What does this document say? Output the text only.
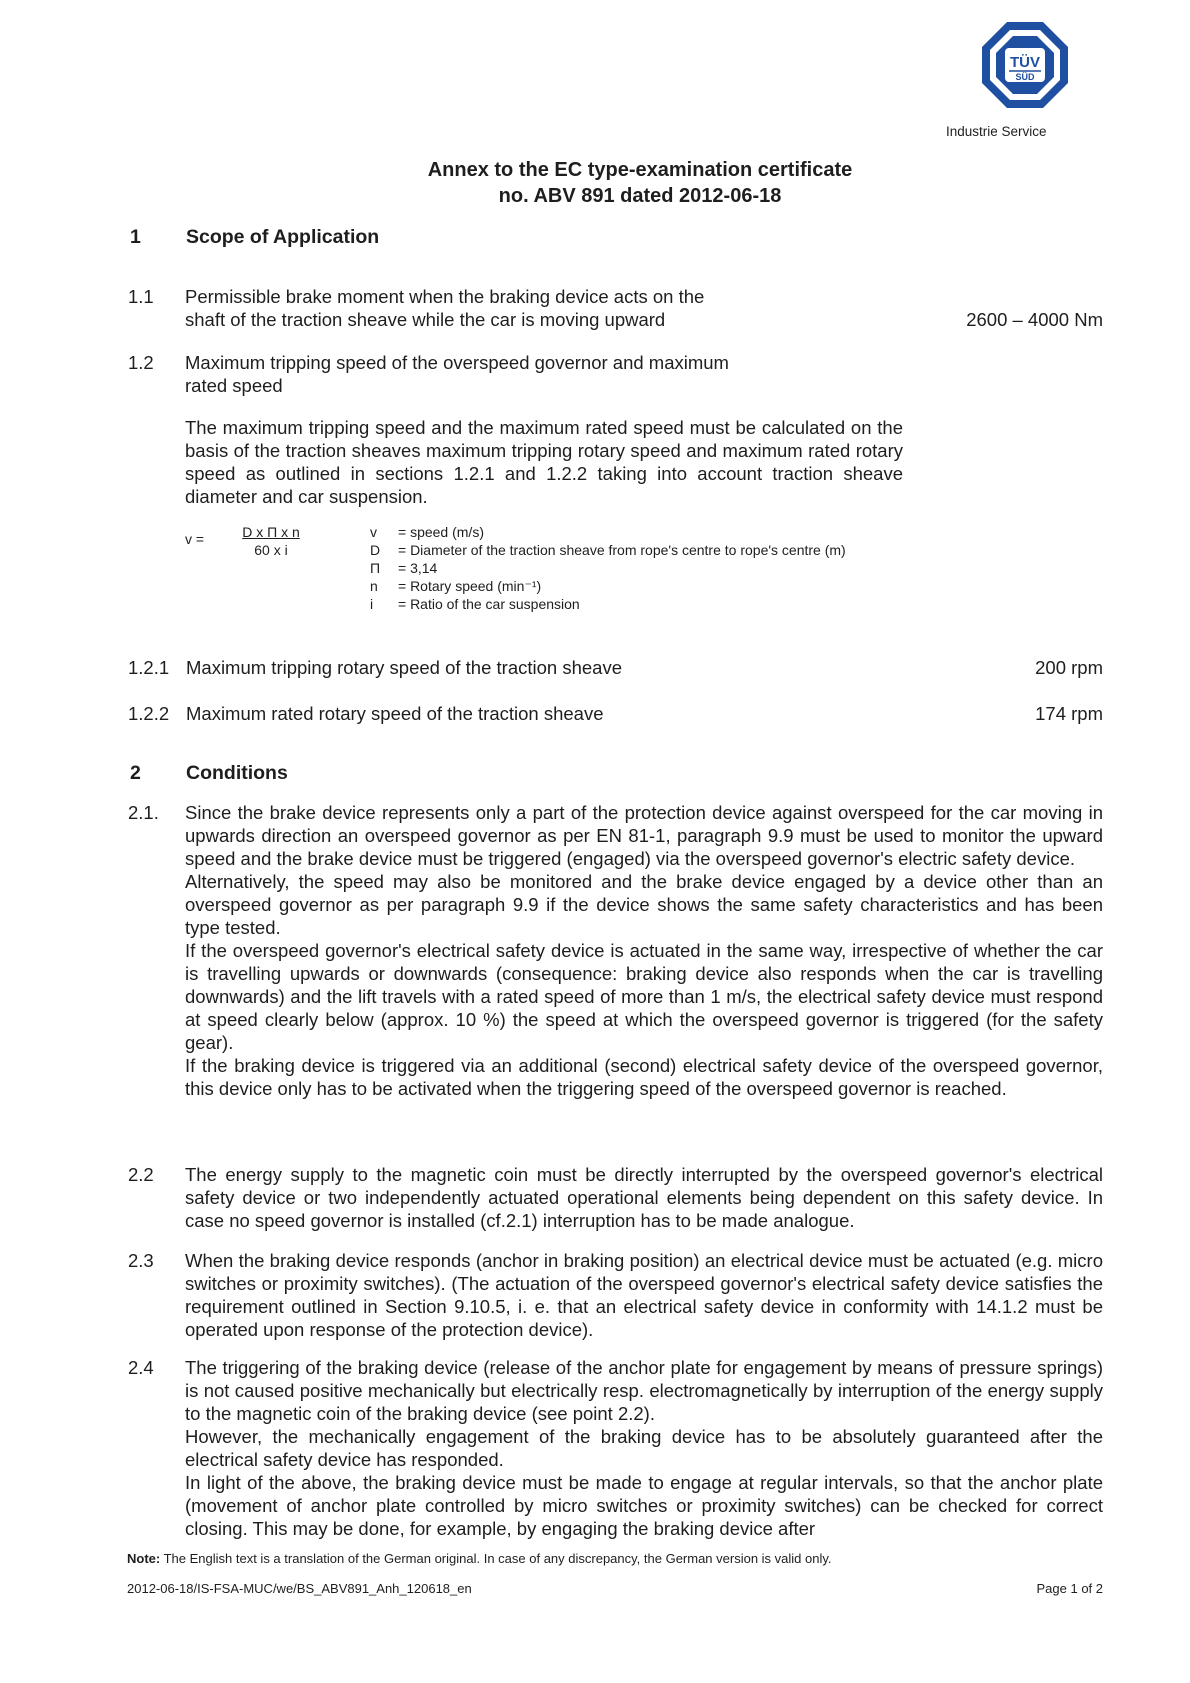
TÜV
SÜD
Industrie Service
Annex to the EC type-examination certificate
no. ABV 891 dated 2012-06-18
1 Scope of Application
1.1 Permissible brake moment when the braking device acts on the
shaft of the traction sheave while the car is moving upward	2600 – 4000 Nm
1.2 Maximum tripping speed of the overspeed governor and maximum
rated speed
The maximum tripping speed and the maximum rated speed must be calculated on the basis of the traction sheaves maximum tripping rotary speed and maximum rated rotary speed as outlined in sections 1.2.1 and 1.2.2 taking into account traction sheave diameter and car suspension.
$v = \frac{\text{D x Π x n}}{\text{60 x i}}$	v	= speed (m/s)
D	= Diameter of the traction sheave from rope's centre to rope's centre (m)
Π	= 3,14
n	= Rotary speed (min⁻¹)
i	= Ratio of the car suspension
1.2.1 Maximum tripping rotary speed of the traction sheave	200 rpm
1.2.2 Maximum rated rotary speed of the traction sheave	174 rpm
2 Conditions
2.1. Since the brake device represents only a part of the protection device against overspeed for the car moving in upwards direction an overspeed governor as per EN 81-1, paragraph 9.9 must be used to monitor the upward speed and the brake device must be triggered (engaged) via the overspeed governor's electric safety device.

Alternatively, the speed may also be monitored and the brake device engaged by a device other than an overspeed governor as per paragraph 9.9 if the device shows the same safety characteristics and has been type tested.

If the overspeed governor's electrical safety device is actuated in the same way, irrespective of whether the car is travelling upwards or downwards (consequence: braking device also responds when the car is travelling downwards) and the lift travels with a rated speed of more than 1 m/s, the electrical safety device must respond at speed clearly below (approx. 10 %) the speed at which the overspeed governor is triggered (for the safety gear).

If the braking device is triggered via an additional (second) electrical safety device of the overspeed governor, this device only has to be activated when the triggering speed of the overspeed governor is reached.

2.2 The energy supply to the magnetic coin must be directly interrupted by the overspeed governor's electrical safety device or two independently actuated operational elements being dependent on this safety device. In case no speed governor is installed (cf.2.1) interruption has to be made analogue.
2.3 When the braking device responds (anchor in braking position) an electrical device must be actuated (e.g. micro switches or proximity switches). (The actuation of the overspeed governor's electrical safety device satisfies the requirement outlined in Section 9.10.5, i. e. that an electrical safety device in conformity with 14.1.2 must be operated upon response of the protection device).
2.4 The triggering of the braking device (release of the anchor plate for engagement by means of pressure springs) is not caused positive mechanically but electrically resp. electromagnetically by interruption of the energy supply to the magnetic coin of the braking device (see point 2.2).

However, the mechanically engagement of the braking device has to be absolutely guaranteed after the electrical safety device has responded.

In light of the above, the braking device must be made to engage at regular intervals, so that the anchor plate (movement of anchor plate controlled by micro switches or proximity switches) can be checked for correct closing. This may be done, for example, by engaging the braking device after

Note: The English text is a translation of the German original. In case of any discrepancy, the German version is valid only.
2012-06-18/IS-FSA-MUC/we/BS_ABV891_Anh_120618_en	Page 1 of 2
